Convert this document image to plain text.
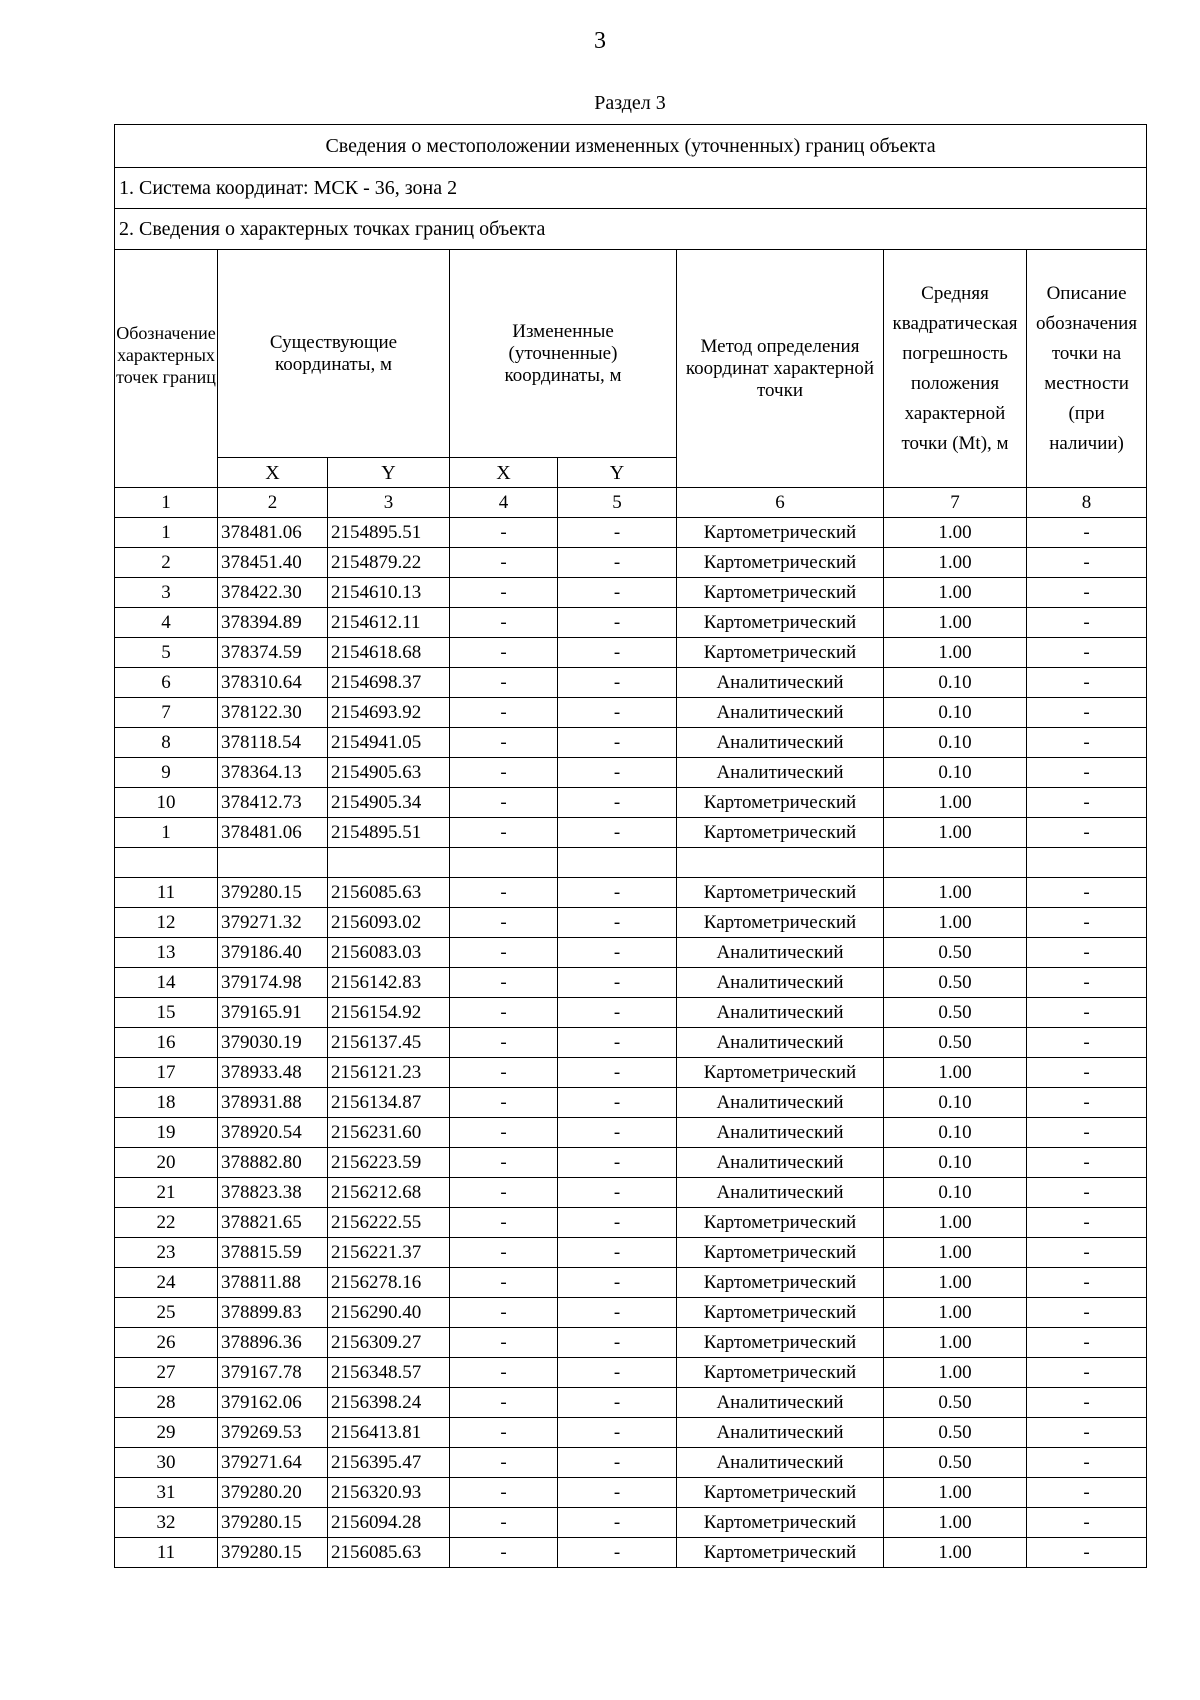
3
Раздел 3
Сведения о местоположении измененных (уточненных) границ объекта							
1. Система координат: МСК - 36, зона 2							
2. Сведения о характерных точках границ объекта							
Обозначение характерных точек границ	Существующие координаты, м		Измененные (уточненные) координаты, м		Метод определения координат характерной точки	Средняя квадратическая погрешность положения характерной точки (Mt), м	Описание обозначения точки на местности (при наличии)
	X	Y	X	Y			
1	2	3	4	5	6	7	8
1	378481.06	2154895.51	-	-	Картометрический	1.00	-
2	378451.40	2154879.22	-	-	Картометрический	1.00	-
3	378422.30	2154610.13	-	-	Картометрический	1.00	-
4	378394.89	2154612.11	-	-	Картометрический	1.00	-
5	378374.59	2154618.68	-	-	Картометрический	1.00	-
6	378310.64	2154698.37	-	-	Аналитический	0.10	-
7	378122.30	2154693.92	-	-	Аналитический	0.10	-
8	378118.54	2154941.05	-	-	Аналитический	0.10	-
9	378364.13	2154905.63	-	-	Аналитический	0.10	-
10	378412.73	2154905.34	-	-	Картометрический	1.00	-
1	378481.06	2154895.51	-	-	Картометрический	1.00	-

11	379280.15	2156085.63	-	-	Картометрический	1.00	-
12	379271.32	2156093.02	-	-	Картометрический	1.00	-
13	379186.40	2156083.03	-	-	Аналитический	0.50	-
14	379174.98	2156142.83	-	-	Аналитический	0.50	-
15	379165.91	2156154.92	-	-	Аналитический	0.50	-
16	379030.19	2156137.45	-	-	Аналитический	0.50	-
17	378933.48	2156121.23	-	-	Картометрический	1.00	-
18	378931.88	2156134.87	-	-	Аналитический	0.10	-
19	378920.54	2156231.60	-	-	Аналитический	0.10	-
20	378882.80	2156223.59	-	-	Аналитический	0.10	-
21	378823.38	2156212.68	-	-	Аналитический	0.10	-
22	378821.65	2156222.55	-	-	Картометрический	1.00	-
23	378815.59	2156221.37	-	-	Картометрический	1.00	-
24	378811.88	2156278.16	-	-	Картометрический	1.00	-
25	378899.83	2156290.40	-	-	Картометрический	1.00	-
26	378896.36	2156309.27	-	-	Картометрический	1.00	-
27	379167.78	2156348.57	-	-	Картометрический	1.00	-
28	379162.06	2156398.24	-	-	Аналитический	0.50	-
29	379269.53	2156413.81	-	-	Аналитический	0.50	-
30	379271.64	2156395.47	-	-	Аналитический	0.50	-
31	379280.20	2156320.93	-	-	Картометрический	1.00	-
32	379280.15	2156094.28	-	-	Картометрический	1.00	-
11	379280.15	2156085.63	-	-	Картометрический	1.00	-
